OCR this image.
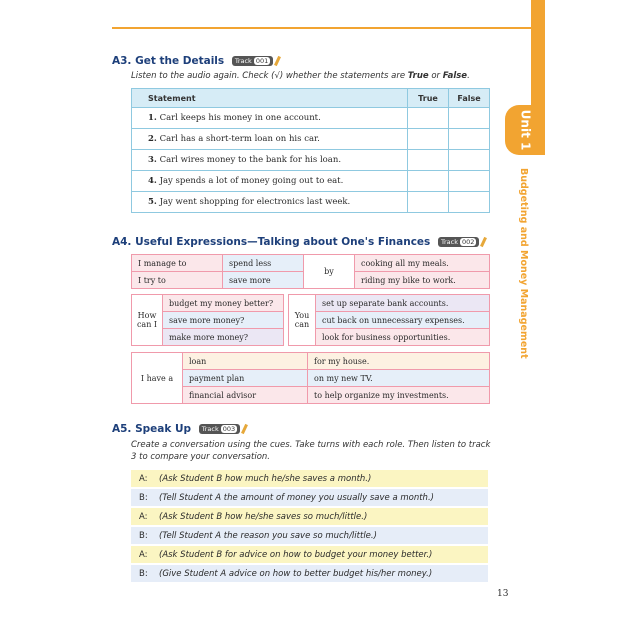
Unit 1
Budgeting and Money Management
A3. Get the Details Track 001
Listen to the audio again. Check (√) whether the statements are True or False.
Statement	True	False
1. Carl keeps his money in one account.		
2. Carl has a short-term loan on his car.		
3. Carl wires money to the bank for his loan.		
4. Jay spends a lot of money going out to eat.		
5. Jay went shopping for electronics last week.		
A4. Useful Expressions—Talking about One's Finances Track 002
I manage to	spend less	by	cooking all my meals.
I try to	save more		riding my bike to work.
How can I	budget my money better?
save more money?
make more money?
You can	set up separate bank accounts.
cut back on unnecessary expenses.
look for business opportunities.
I have a	loan	for my house.
	payment plan	on my new TV.
	financial advisor	to help organize my investments.
A5. Speak Up Track 003
Create a conversation using the cues. Take turns with each role. Then listen to track 3 to compare your conversation.
A:	(Ask Student B how much he/she saves a month.)
B:	(Tell Student A the amount of money you usually save a month.)
A:	(Ask Student B how he/she saves so much/little.)
B:	(Tell Student A the reason you save so much/little.)
A:	(Ask Student B for advice on how to budget your money better.)
B:	(Give Student A advice on how to better budget his/her money.)
13
